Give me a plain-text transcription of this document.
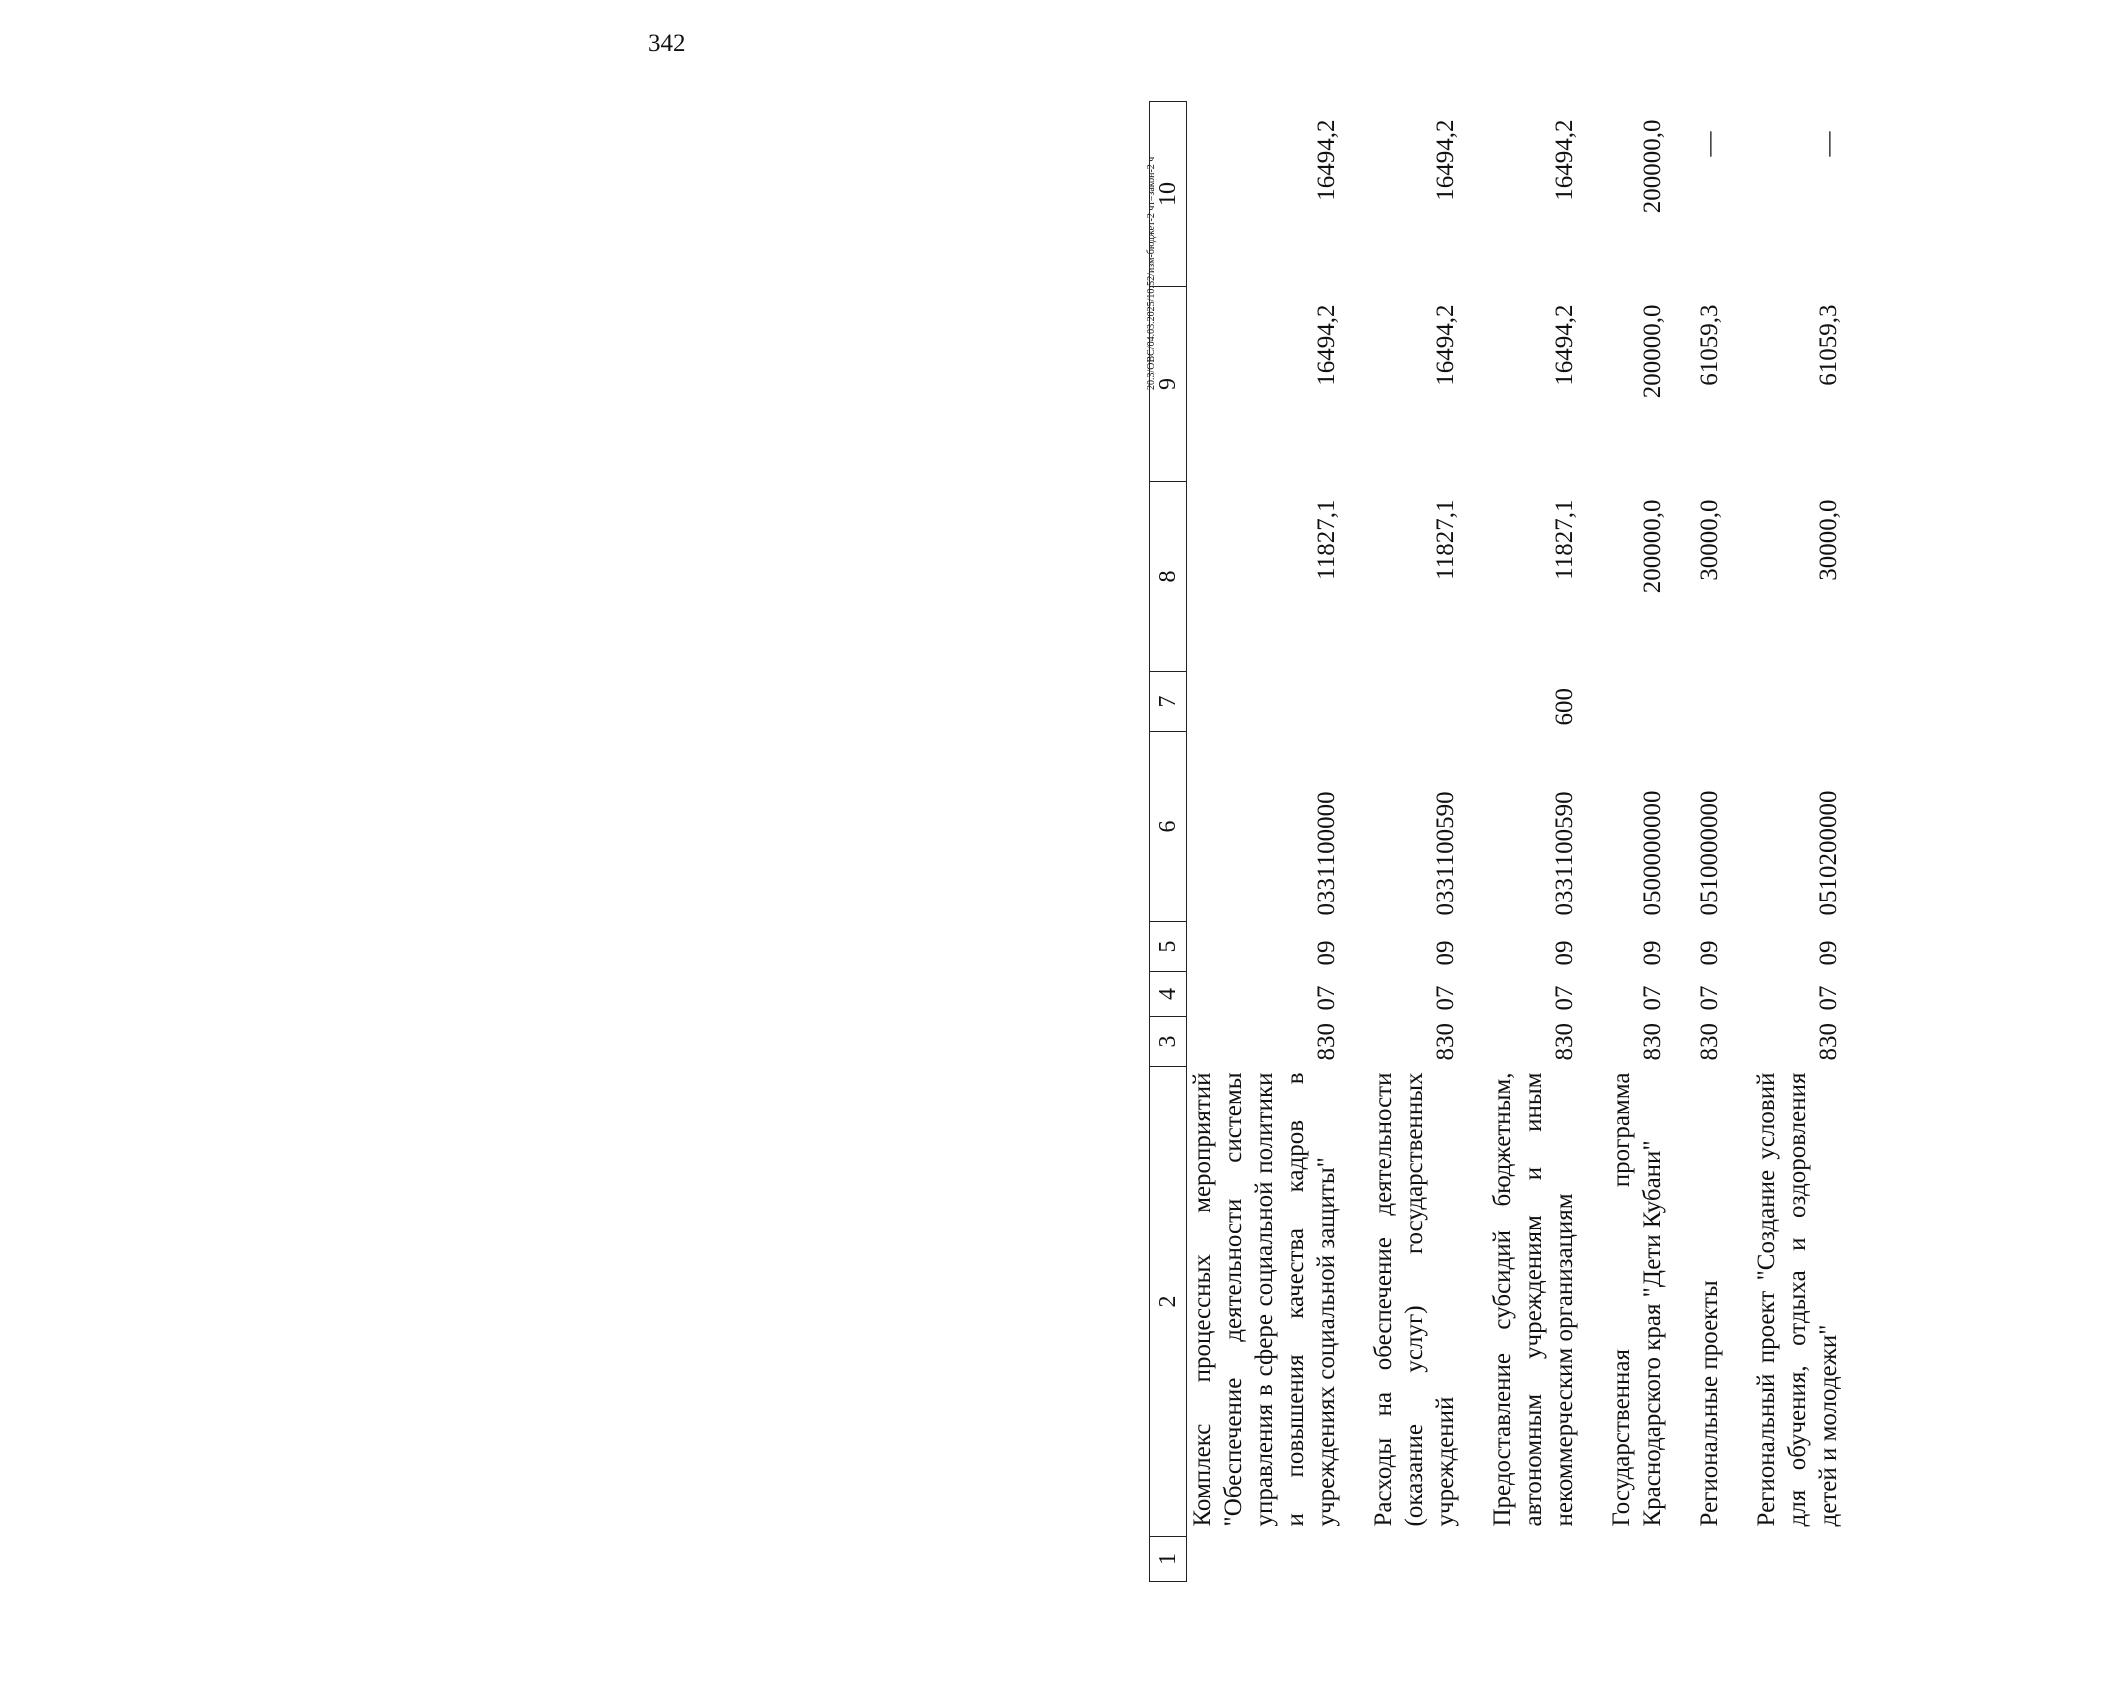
342
20.3/ОВС/04.03.2025/10:52/изм-бюджет-2 чт=закон-2 ч
1	2	3	4	5	6	7	8	9	10
	Комплекс процессных мероприятий "Обеспечение деятельности системы управления в сфере социальной политики и повышения качества кадров в учреждениях социальной защиты"	830	07	09	0331100000		11827,1	16494,2	16494,2

	Расходы на обеспечение деятельности (оказание услуг) государственных учреждений	830	07	09	0331100590		11827,1	16494,2	16494,2

	Предоставление субсидий бюджетным, автономным учреждениям и иным некоммерческим организациям	830	07	09	0331100590	600	11827,1	16494,2	16494,2

	Государственная программа Краснодарского края "Дети Кубани"	830	07	09	0500000000		200000,0	200000,0	200000,0

	Региональные проекты	830	07	09	0510000000		30000,0	61059,3	—

	Региональный проект "Создание условий для обучения, отдыха и оздоровления детей и молодежи"	830	07	09	0510200000		30000,0	61059,3	—
